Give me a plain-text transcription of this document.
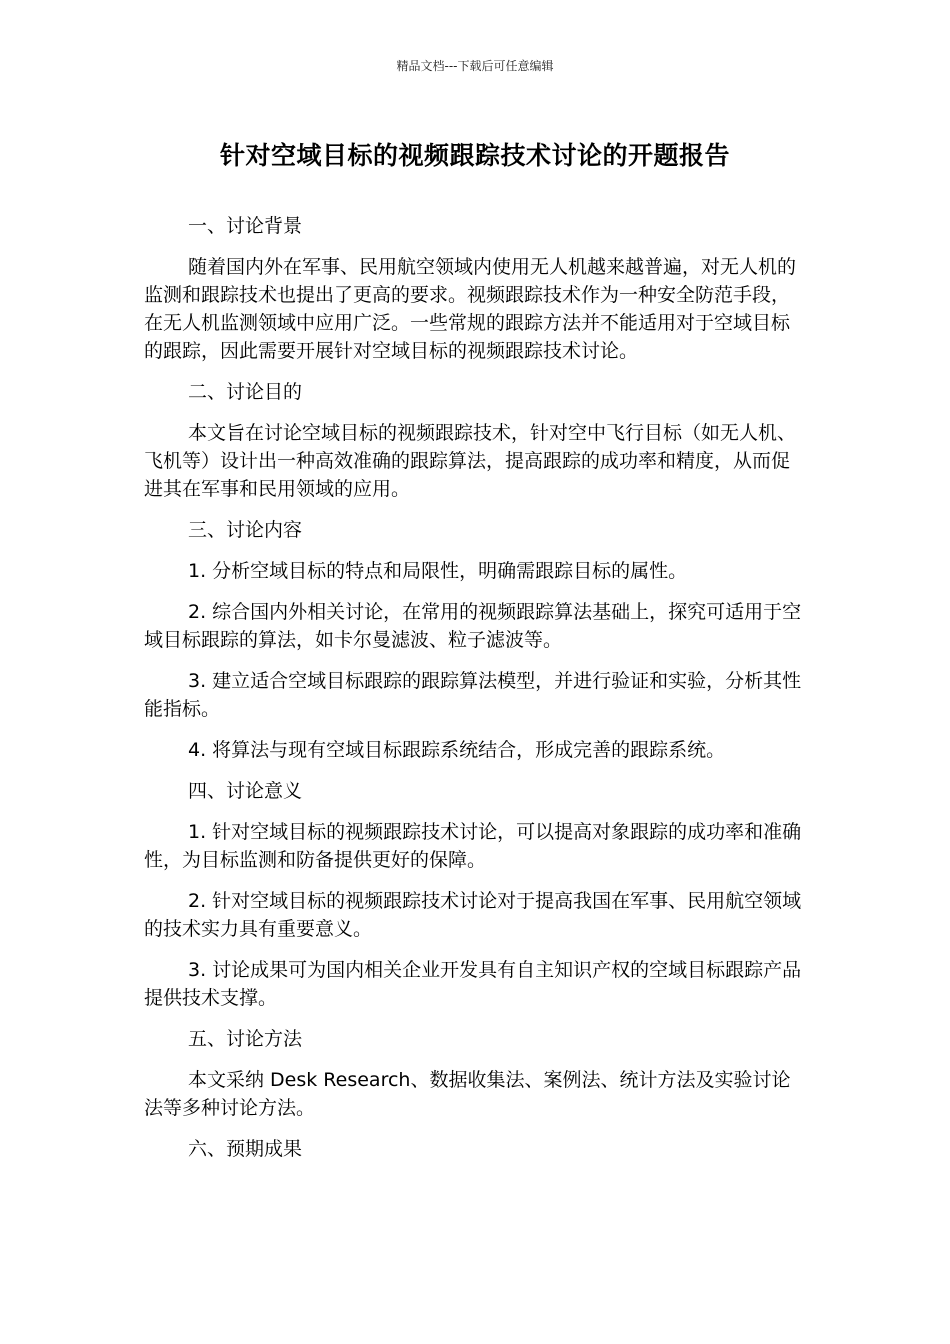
精品文档---下载后可任意编辑
针对空域目标的视频跟踪技术讨论的开题报告

一、讨论背景

随着国内外在军事、民用航空领域内使用无人机越来越普遍，对无人机的监测和跟踪技术也提出了更高的要求。视频跟踪技术作为一种安全防范手段，在无人机监测领域中应用广泛。一些常规的跟踪方法并不能适用对于空域目标的跟踪，因此需要开展针对空域目标的视频跟踪技术讨论。

二、讨论目的

本文旨在讨论空域目标的视频跟踪技术，针对空中飞行目标（如无人机、飞机等）设计出一种高效准确的跟踪算法，提高跟踪的成功率和精度，从而促进其在军事和民用领域的应用。

三、讨论内容

1. 分析空域目标的特点和局限性，明确需跟踪目标的属性。

2. 综合国内外相关讨论，在常用的视频跟踪算法基础上，探究可适用于空域目标跟踪的算法，如卡尔曼滤波、粒子滤波等。

3. 建立适合空域目标跟踪的跟踪算法模型，并进行验证和实验，分析其性能指标。

4. 将算法与现有空域目标跟踪系统结合，形成完善的跟踪系统。

四、讨论意义

1. 针对空域目标的视频跟踪技术讨论，可以提高对象跟踪的成功率和准确性，为目标监测和防备提供更好的保障。

2. 针对空域目标的视频跟踪技术讨论对于提高我国在军事、民用航空领域的技术实力具有重要意义。

3. 讨论成果可为国内相关企业开发具有自主知识产权的空域目标跟踪产品提供技术支撑。

五、讨论方法

本文采纳 Desk Research、数据收集法、案例法、统计方法及实验讨论法等多种讨论方法。

六、预期成果
